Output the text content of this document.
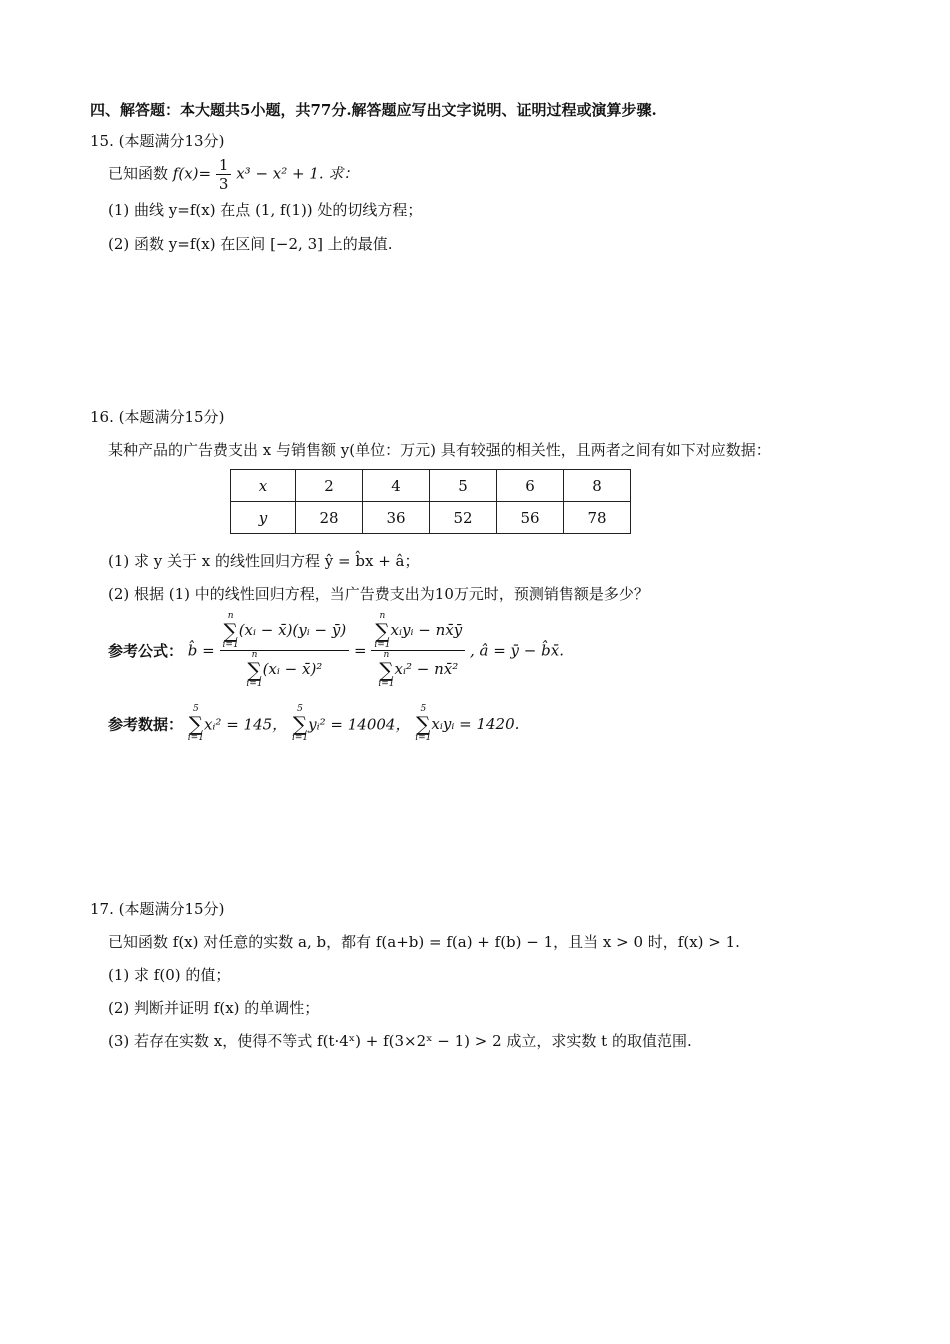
四、解答题：本大题共5小题，共77分.解答题应写出文字说明、证明过程或演算步骤.
15. (本题满分13分)
已知函数 $f(x)= \frac{1}{3} x^3 - x^2 + 1$. 求：
(1) 曲线 y=f(x) 在点 (1, f(1)) 处的切线方程；
(2) 函数 y=f(x) 在区间 [−2, 3] 上的最值.
16. (本题满分15分)
某种产品的广告费支出 x 与销售额 y(单位：万元) 具有较强的相关性，且两者之间有如下对应数据：
x	2	4	5	6	8
y	28	36	52	56	78
(1) 求 y 关于 x 的线性回归方程 ŷ = b̂x + â；
(2) 根据 (1) 中的线性回归方程，当广告费支出为10万元时，预测销售额是多少？
参考公式： b̂ = n
∑
i=1
(xᵢ − x̄)(yᵢ − ȳ)
n
∑
i=1
(xᵢ − x̄)² = n
∑
i=1
xᵢyᵢ − nx̄ȳ
n
∑
i=1
xᵢ² − nx̄² , â = ȳ − b̂x̄.
参考数据：
5
∑
i=1
xᵢ² = 145，
5
∑
i=1
yᵢ² = 14004，
5
∑
i=1
xᵢyᵢ = 1420.
17. (本题满分15分)
已知函数 f(x) 对任意的实数 a, b，都有 f(a+b) = f(a) + f(b) − 1，且当 x > 0 时，f(x) > 1.
(1) 求 f(0) 的值；
(2) 判断并证明 f(x) 的单调性；
(3) 若存在实数 x，使得不等式 f(t·4ˣ) + f(3×2ˣ − 1) > 2 成立，求实数 t 的取值范围.
